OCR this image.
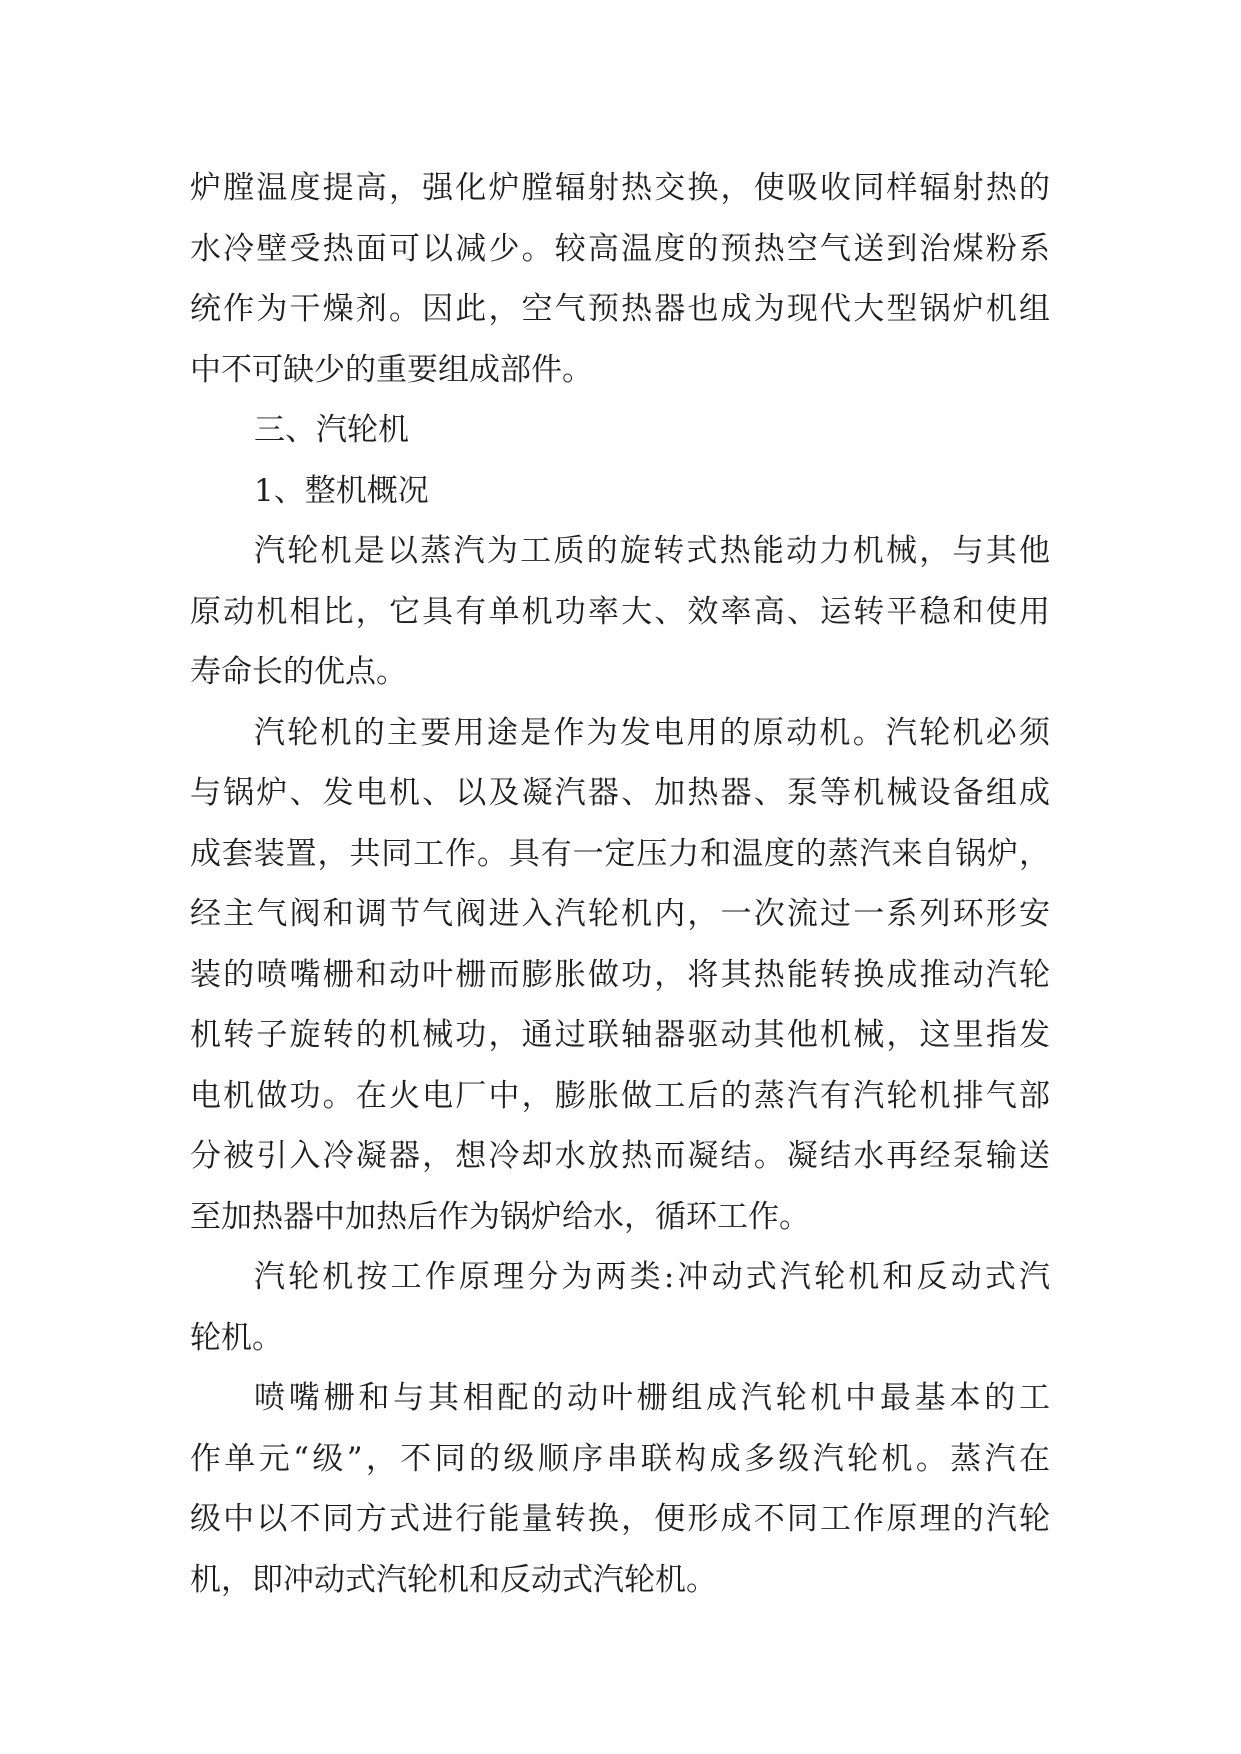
炉膛温度提高，强化炉膛辐射热交换，使吸收同样辐射热的
水冷壁受热面可以减少。较高温度的预热空气送到治煤粉系
统作为干燥剂。因此，空气预热器也成为现代大型锅炉机组
中不可缺少的重要组成部件。
三、汽轮机
1、整机概况
汽轮机是以蒸汽为工质的旋转式热能动力机械，与其他
原动机相比，它具有单机功率大、效率高、运转平稳和使用
寿命长的优点。
汽轮机的主要用途是作为发电用的原动机。汽轮机必须
与锅炉、发电机、以及凝汽器、加热器、泵等机械设备组成
成套装置，共同工作。具有一定压力和温度的蒸汽来自锅炉，
经主气阀和调节气阀进入汽轮机内，一次流过一系列环形安
装的喷嘴栅和动叶栅而膨胀做功，将其热能转换成推动汽轮
机转子旋转的机械功，通过联轴器驱动其他机械，这里指发
电机做功。在火电厂中，膨胀做工后的蒸汽有汽轮机排气部
分被引入冷凝器，想冷却水放热而凝结。凝结水再经泵输送
至加热器中加热后作为锅炉给水，循环工作。
汽轮机按工作原理分为两类:冲动式汽轮机和反动式汽
轮机。
喷嘴栅和与其相配的动叶栅组成汽轮机中最基本的工
作单元“级”，不同的级顺序串联构成多级汽轮机。蒸汽在
级中以不同方式进行能量转换，便形成不同工作原理的汽轮
机，即冲动式汽轮机和反动式汽轮机。
